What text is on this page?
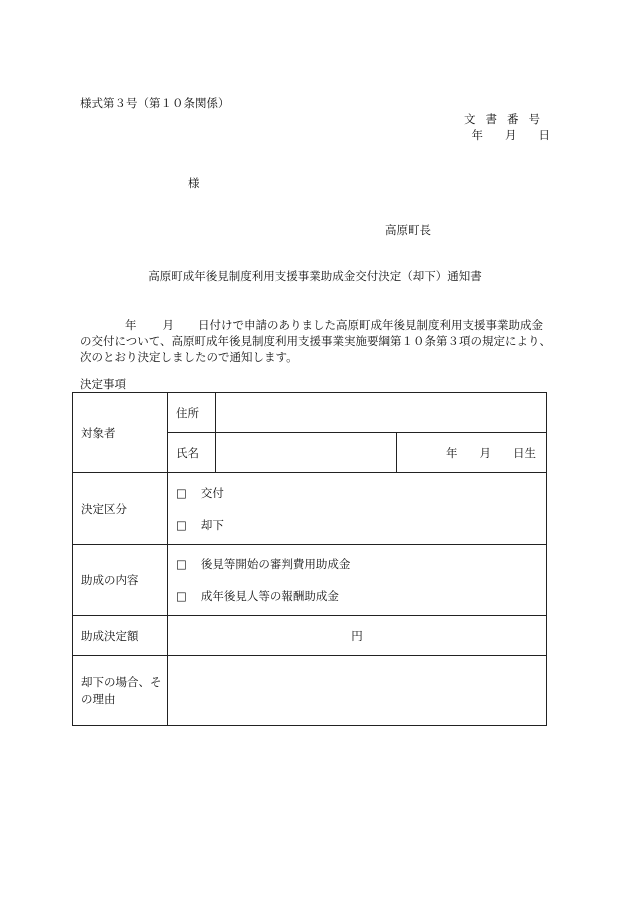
様式第３号（第１０条関係）
文書番号
年 月 日
様
高原町長
高原町成年後見制度利用支援事業助成金交付決定（却下）通知書
年 月 日付けで申請のありました高原町成年後見制度利用支援事業助成金
の交付について、高原町成年後見制度利用支援事業実施要綱第１０条第３項の規定により、
次のとおり決定しましたので通知します。
決定事項
対象者	住所		
	氏名		年 月 日生
決定区分	□ 交付
□ 却下		

助成の内容	□ 後見等開始の審判費用助成金
□ 成年後見人等の報酬助成金		

助成決定額	円		
却下の場合、その理由			
